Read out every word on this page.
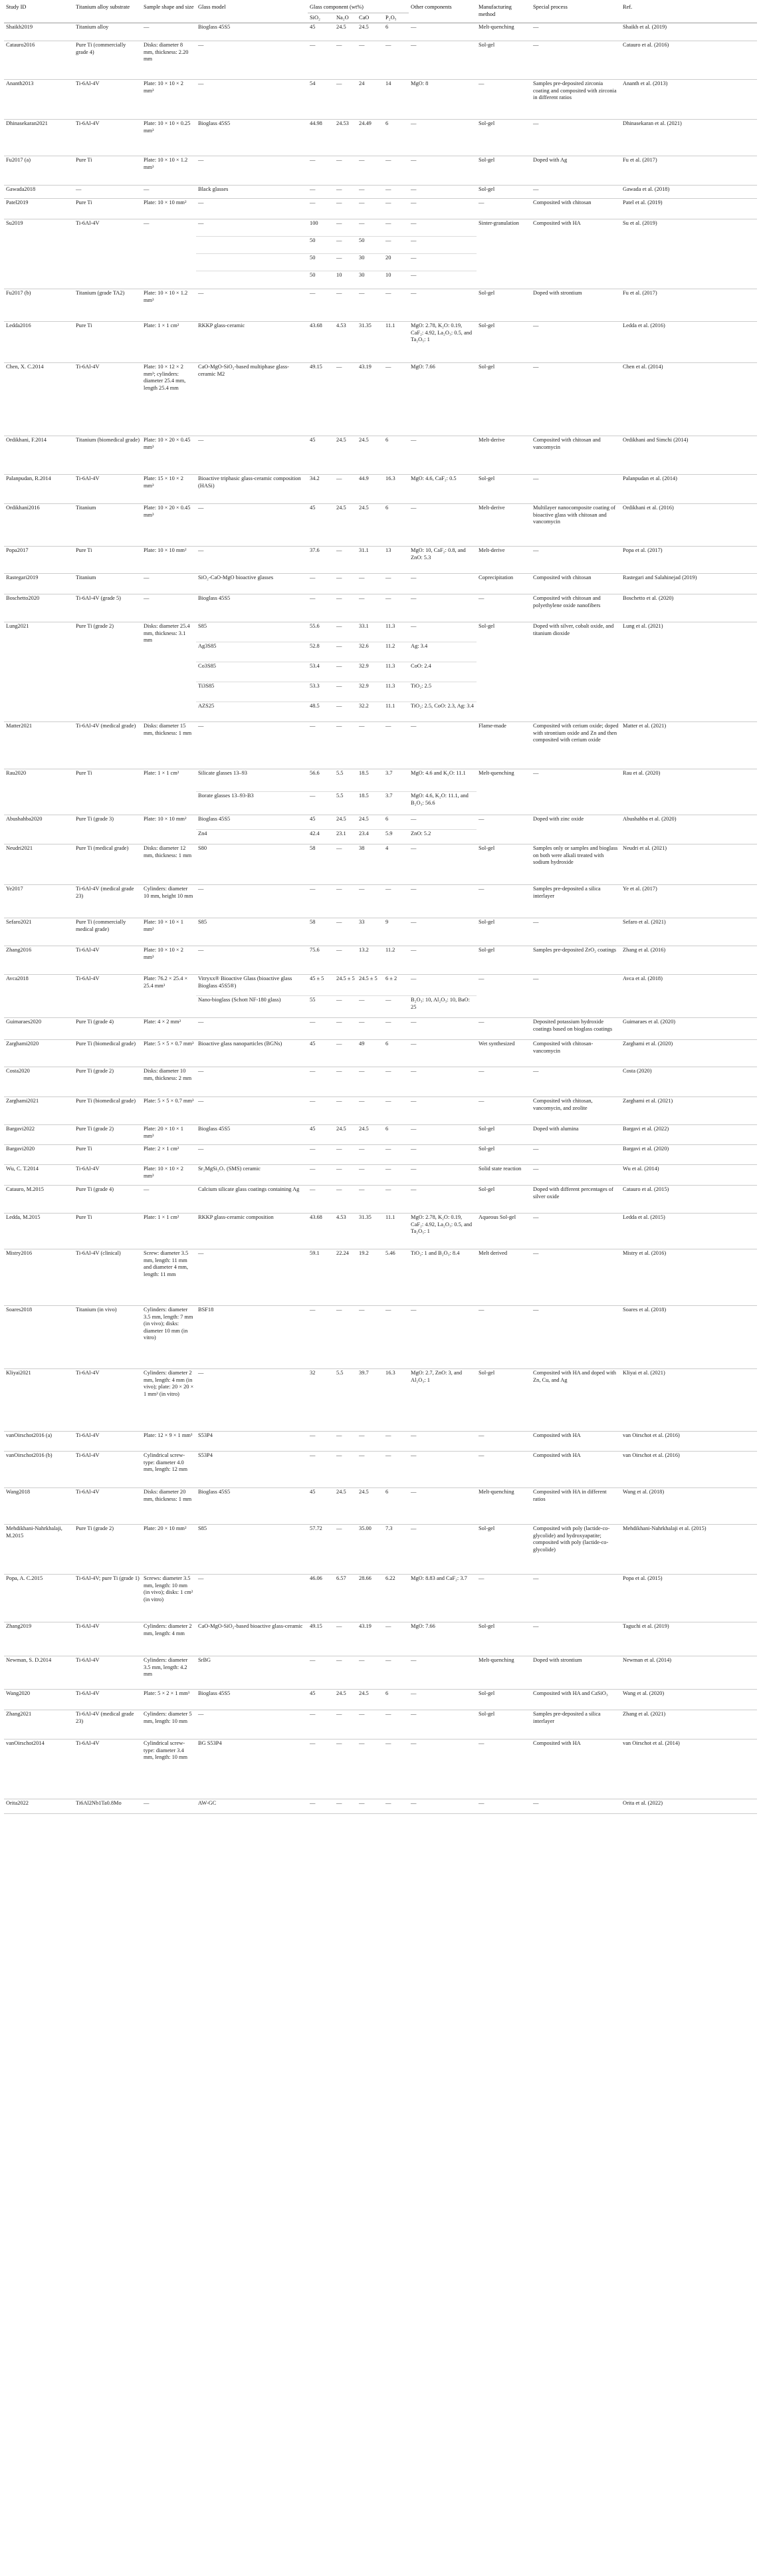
Study ID	Titanium alloy substrate	Sample shape and size	Glass model	Glass component (wt%)				Other components	Manufacturing method	Special process	Ref.
				SiO₂	Na₂O	CaO	P₂O₅				
Shaikh2019	Titanium alloy	—	Bioglass 45S5	45	24.5	24.5	6	—	Melt-quenching	—	Shaikh et al. (2019)
Catauro2016	Pure Ti (commercially grade 4)	Disks: diameter 8 mm, thickness: 2.20 mm	—	—	—	—	—	—	Sol-gel	—	Catauro et al. (2016)
Ananth2013	Ti-6Al-4V	Plate: 10 × 10 × 2 mm³	—	54	—	24	14	MgO: 8	—	Samples pre-deposited zirconia coating and composited with zirconia in different ratios	Ananth et al. (2013)
Dhinasekaran2021	Ti-6Al-4V	Plate: 10 × 10 × 0.25 mm³	Bioglass 45S5	44.98	24.53	24.49	6	—	Sol-gel	—	Dhinasekaran et al. (2021)
Fu2017 (a)	Pure Ti	Plate: 10 × 10 × 1.2 mm³	—	—	—	—	—	—	Sol-gel	Doped with Ag	Fu et al. (2017)
Gawada2018	—	—	Black glasses	—	—	—	—	—	Sol-gel	—	Gawada et al. (2018)
Patel2019	Pure Ti	Plate: 10 × 10 mm²	—	—	—	—	—	—	—	Composited with chitosan	Patel et al. (2019)
Su2019	Ti-6Al-4V	—	—	100	—	—	—	—	Sinter-granulation	Composited with HA	Su et al. (2019)
				50	—	50	—	—			
				50	—	30	20	—			
				50	10	30	10	—			
Fu2017 (b)	Titanium (grade TA2)	Plate: 10 × 10 × 1.2 mm³	—	—	—	—	—	—	Sol-gel	Doped with strontium	Fu et al. (2017)
Ledda2016	Pure Ti	Plate: 1 × 1 cm²	RKKP glass-ceramic	43.68	4.53	31.35	11.1	MgO: 2.78, K₂O: 0.19, CaF₂: 4.92, La₂O₃: 0.5, and Ta₂O₅: 1	Sol-gel	—	Ledda et al. (2016)
Chen, X. C.2014	Ti-6Al-4V	Plate: 10 × 12 × 2 mm³; cylinders: diameter 25.4 mm, length 25.4 mm	CaO-MgO-SiO₂-based multiphase glass-ceramic M2	49.15	—	43.19	—	MgO: 7.66	Sol-gel	—	Chen et al. (2014)
Ordikhani, F.2014	Titanium (biomedical grade)	Plate: 10 × 20 × 0.45 mm³	—	45	24.5	24.5	6	—	Melt-derive	Composited with chitosan and vancomycin	Ordikhani and Simchi (2014)
Palanpudan, R.2014	Ti-6Al-4V	Plate: 15 × 10 × 2 mm³	Bioactive triphasic glass-ceramic composition (HASi)	34.2	—	44.9	16.3	MgO: 4.6, CaF₂: 0.5	Sol-gel	—	Palanpudan et al. (2014)
Ordikhani2016	Titanium	Plate: 10 × 20 × 0.45 mm³	—	45	24.5	24.5	6	—	Melt-derive	Multilayer nanocomposite coating of bioactive glass with chitosan and vancomycin	Ordikhani et al. (2016)
Popa2017	Pure Ti	Plate: 10 × 10 mm²	—	37.6	—	31.1	13	MgO: 10, CaF₂: 0.8, and ZnO: 5.3	Melt-derive	—	Popa et al. (2017)
Rastegari2019	Titanium	—	SiO₂-CaO-MgO bioactive glasses	—	—	—	—	—	Coprecipitation	Composited with chitosan	Rastegari and Salahinejad (2019)
Boschetto2020	Ti-6Al-4V (grade 5)	—	Bioglass 45S5	—	—	—	—	—	—	Composited with chitosan and polyethylene oxide nanofibers	Boschetto et al. (2020)
Lung2021	Pure Ti (grade 2)	Disks: diameter 25.4 mm, thickness: 3.1 mm	S85	55.6	—	33.1	11.3	—	Sol-gel	Doped with silver, cobalt oxide, and titanium dioxide	Lung et al. (2021)
			Ag3S85	52.8	—	32.6	11.2	Ag: 3.4			
			Co3S85	53.4	—	32.9	11.3	CoO: 2.4			
			Ti3S85	53.3	—	32.9	11.3	TiO₂: 2.5			
			AZS25	48.5	—	32.2	11.1	TiO₂: 2.5, CoO: 2.3, Ag: 3.4			
Matter2021	Ti-6Al-4V (medical grade)	Disks: diameter 15 mm, thickness: 1 mm	—	—	—	—	—	—	Flame-made	Composited with cerium oxide; doped with strontium oxide and Zn and then composited with cerium oxide	Matter et al. (2021)
Rau2020	Pure Ti	Plate: 1 × 1 cm²	Silicate glasses 13–93	56.6	5.5	18.5	3.7	MgO: 4.6 and K₂O: 11.1	Melt-quenching	—	Rau et al. (2020)
			Borate glasses 13–93-B3	—	5.5	18.5	3.7	MgO: 4.6, K₂O: 11.1, and B₂O₃: 56.6			
Abushahba2020	Pure Ti (grade 3)	Plate: 10 × 10 mm²	Bioglass 45S5	45	24.5	24.5	6	—	—	Doped with zinc oxide	Abushahba et al. (2020)
			Zn4	42.4	23.1	23.4	5.9	ZnO: 5.2			
Neudri2021	Pure Ti (medical grade)	Disks: diameter 12 mm, thickness: 1 mm	S80	58	—	38	4	—	Sol-gel	Samples only or samples and bioglass on both were alkali treated with sodium hydroxide	Neudri et al. (2021)
Ye2017	Ti-6Al-4V (medical grade 23)	Cylinders: diameter 10 mm, height 10 mm	—	—	—	—	—	—	—	Samples pre-deposited a silica interlayer	Ye et al. (2017)
Sefaro2021	Pure Ti (commercially medical grade)	Plate: 10 × 10 × 1 mm³	S85	58	—	33	9	—	Sol-gel	—	Sefaro et al. (2021)
Zhang2016	Ti-6Al-4V	Plate: 10 × 10 × 2 mm³	—	75.6	—	13.2	11.2	—	Sol-gel	Samples pre-deposited ZrO₂ coatings	Zhang et al. (2016)
Avca2018	Ti-6Al-4V	Plate: 76.2 × 25.4 × 25.4 mm³	Vitryxx® Bioactive Glass (bioactive glass Bioglass 45S5®)	45 ± 5	24.5 ± 5	24.5 ± 5	6 ± 2	—	—	—	Avca et al. (2018)
			Nano-bioglass (Schott NF-180 glass)	55	—	—	—	B₂O₃: 10, Al₂O₃: 10, BaO: 25			
Guimaraes2020	Pure Ti (grade 4)	Plate: 4 × 2 mm²	—	—	—	—	—	—	—	Deposited potassium hydroxide coatings based on bioglass coatings	Guimaraes et al. (2020)
Zarghami2020	Pure Ti (biomedical grade)	Plate: 5 × 5 × 0.7 mm³	Bioactive glass nanoparticles (BGNs)	45	—	49	6	—	Wet synthesized	Composited with chitosan-vancomycin	Zarghami et al. (2020)
Costa2020	Pure Ti (grade 2)	Disks: diameter 10 mm, thickness: 2 mm	—	—	—	—	—	—	—	—	Costa (2020)
Zarghami2021	Pure Ti (biomedical grade)	Plate: 5 × 5 × 0.7 mm³	—	—	—	—	—	—	—	Composited with chitosan, vancomycin, and zeolite	Zarghami et al. (2021)
Bargavi2022	Pure Ti (grade 2)	Plate: 20 × 10 × 1 mm³	Bioglass 45S5	45	24.5	24.5	6	—	Sol-gel	Doped with alumina	Bargavi et al. (2022)
Bargavi2020	Pure Ti	Plate: 2 × 1 cm²	—	—	—	—	—	—	Sol-gel	—	Bargavi et al. (2020)
Wu, C. T.2014	Ti-6Al-4V	Plate: 10 × 10 × 2 mm³	Sr₂MgSi₂O₇ (SMS) ceramic	—	—	—	—	—	Solid state reaction	—	Wu et al. (2014)
Catauro, M.2015	Pure Ti (grade 4)	—	Calcium silicate glass coatings containing Ag	—	—	—	—	—	Sol-gel	Doped with different percentages of silver oxide	Catauro et al. (2015)
Ledda, M.2015	Pure Ti	Plate: 1 × 1 cm²	RKKP glass-ceramic composition	43.68	4.53	31.35	11.1	MgO: 2.78, K₂O: 0.19, CaF₂: 4.92, La₂O₃: 0.5, and Ta₂O₅: 1	Aqueous Sol-gel	—	Ledda et al. (2015)
Mistry2016	Ti-6Al-4V (clinical)	Screw: diameter 3.5 mm, length: 11 mm and diameter 4 mm, length: 11 mm	—	59.1	22.24	19.2	5.46	TiO₂: 1 and B₂O₃: 8.4	Melt derived	—	Mistry et al. (2016)
Soares2018	Titanium (in vivo)	Cylinders: diameter 3.5 mm, length: 7 mm (in vivo); disks: diameter 10 mm (in vitro)	BSF18	—	—	—	—	—	—	—	Soares et al. (2018)
Kliyai2021	Ti-6Al-4V	Cylinders: diameter 2 mm, length: 4 mm (in vivo); plate: 20 × 20 × 1 mm³ (in vitro)	—	32	5.5	39.7	16.3	MgO: 2.7, ZnO: 3, and Al₂O₃: 1	Sol-gel	Composited with HA and doped with Zn, Cu, and Ag	Kliyai et al. (2021)
vanOirschot2016 (a)	Ti-6Al-4V	Plate: 12 × 9 × 1 mm³	S53P4	—	—	—	—	—	—	Composited with HA	van Oirschot et al. (2016)
vanOirschot2016 (b)	Ti-6Al-4V	Cylindrical screw-type: diameter 4.0 mm, length: 12 mm	S53P4	—	—	—	—	—	—	Composited with HA	van Oirschot et al. (2016)
Wang2018	Ti-6Al-4V	Disks: diameter 20 mm, thickness: 1 mm	Bioglass 45S5	45	24.5	24.5	6	—	Melt-quenching	Composited with HA in different ratios	Wang et al. (2018)
Mehdikhani-Nahrkhalaji, M.2015	Pure Ti (grade 2)	Plate: 20 × 10 mm²	S85	57.72	—	35.00	7.3	—	Sol-gel	Composited with poly (lactide-co-glycolide) and hydroxyapatite; composited with poly (lactide-co-glycolide)	Mehdikhani-Nahrkhalaji et al. (2015)
Popa, A. C.2015	Ti-6Al-4V; pure Ti (grade 1)	Screws: diameter 3.5 mm, length: 10 mm (in vivo); disks: 1 cm² (in vitro)	—	46.06	6.57	28.66	6.22	MgO: 8.83 and CaF₂: 3.7	—	—	Popa et al. (2015)
Zhang2019	Ti-6Al-4V	Cylinders: diameter 2 mm, length: 4 mm	CaO-MgO-SiO₂-based bioactive glass-ceramic	49.15	—	43.19	—	MgO: 7.66	Sol-gel	—	Taguchi et al. (2019)
Newman, S. D.2014	Ti-6Al-4V	Cylinders: diameter 3.5 mm, length: 4.2 mm	SrBG	—	—	—	—	—	Melt-quenching	Doped with strontium	Newman et al. (2014)
Wang2020	Ti-6Al-4V	Plate: 5 × 2 × 1 mm³	Bioglass 45S5	45	24.5	24.5	6	—	Sol-gel	Composited with HA and CaSiO₃	Wang et al. (2020)
Zhang2021	Ti-6Al-4V (medical grade 23)	Cylinders: diameter 5 mm, length: 10 mm	—	—	—	—	—	—	Sol-gel	Samples pre-deposited a silica interlayer	Zhang et al. (2021)
vanOirschot2014	Ti-6Al-4V	Cylindrical screw-type: diameter 3.4 mm, length: 10 mm	BG S53P4	—	—	—	—	—	—	Composited with HA	van Oirschot et al. (2014)
Orita2022	Ti6Al2Nb1Ta0.8Mo	—	AW-GC	—	—	—	—	—	—	—	Orita et al. (2022)
